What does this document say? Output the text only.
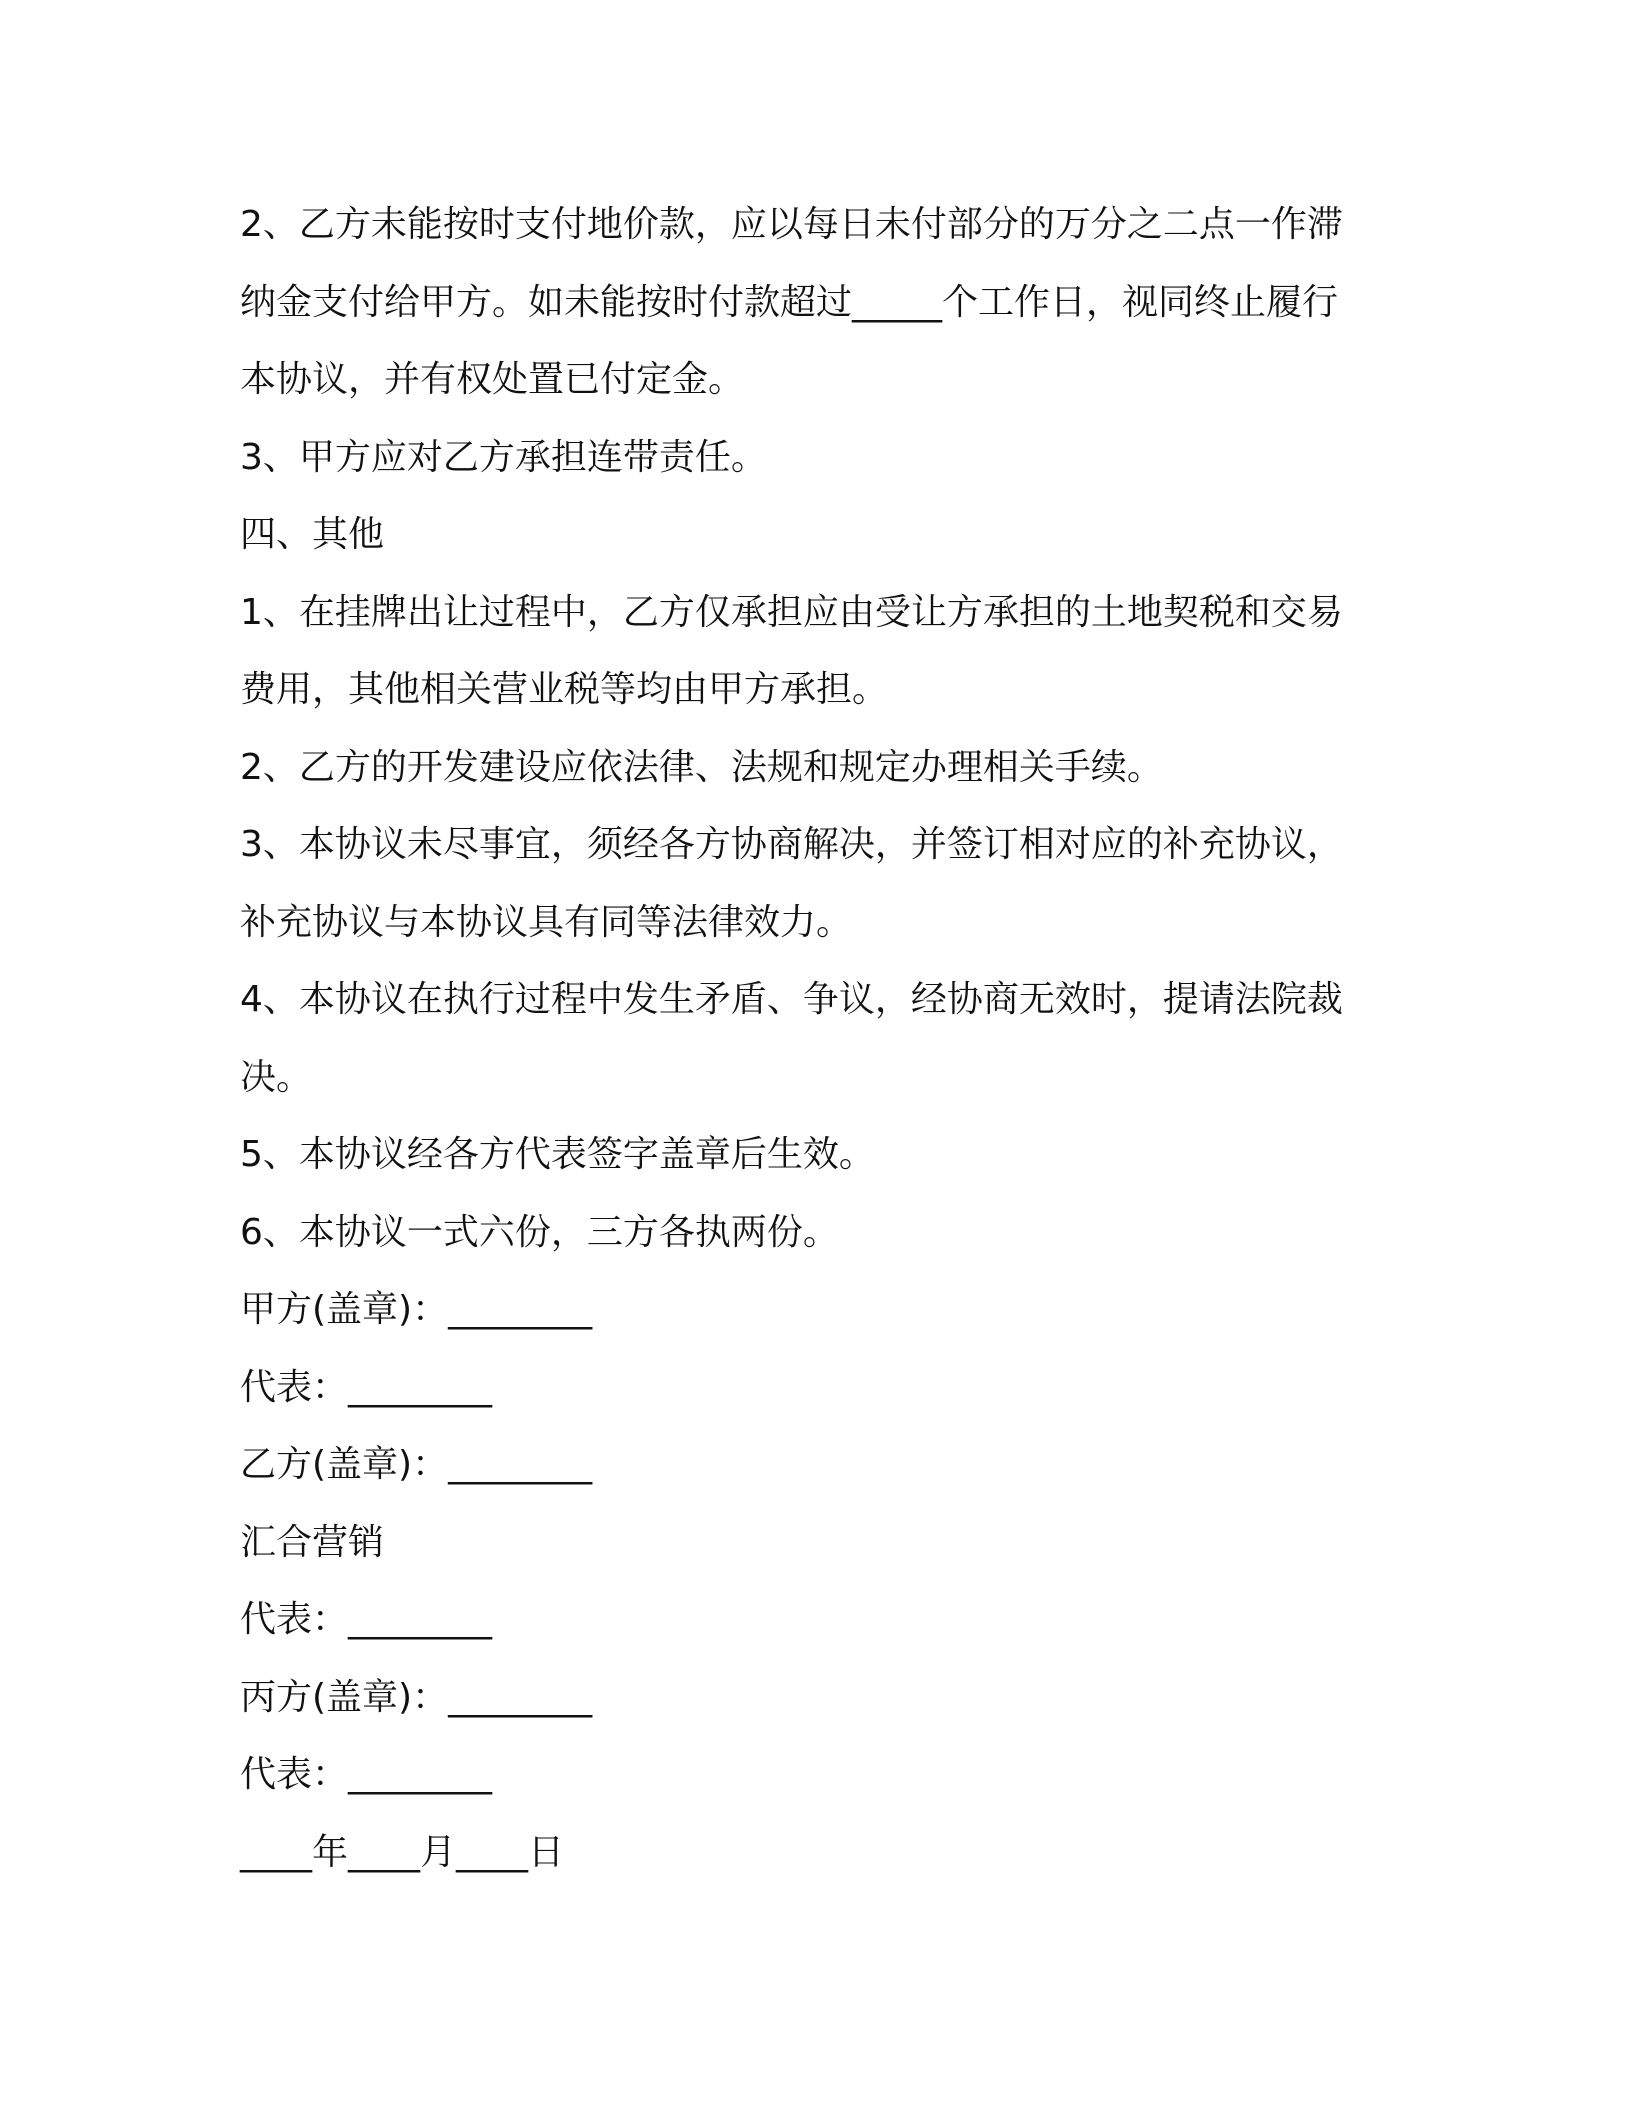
2、乙方未能按时支付地价款，应以每日未付部分的万分之二点一作滞
纳金支付给甲方。如未能按时付款超过_____个工作日，视同终止履行
本协议，并有权处置已付定金。

3、甲方应对乙方承担连带责任。

四、其他

1、在挂牌出让过程中，乙方仅承担应由受让方承担的土地契税和交易
费用，其他相关营业税等均由甲方承担。

2、乙方的开发建设应依法律、法规和规定办理相关手续。

3、本协议未尽事宜，须经各方协商解决，并签订相对应的补充协议，
补充协议与本协议具有同等法律效力。

4、本协议在执行过程中发生矛盾、争议，经协商无效时，提请法院裁
决。

5、本协议经各方代表签字盖章后生效。

6、本协议一式六份，三方各执两份。

甲方(盖章)：________

代表：________

乙方(盖章)：________

汇合营销

代表：________

丙方(盖章)：________

代表：________

____年____月____日
